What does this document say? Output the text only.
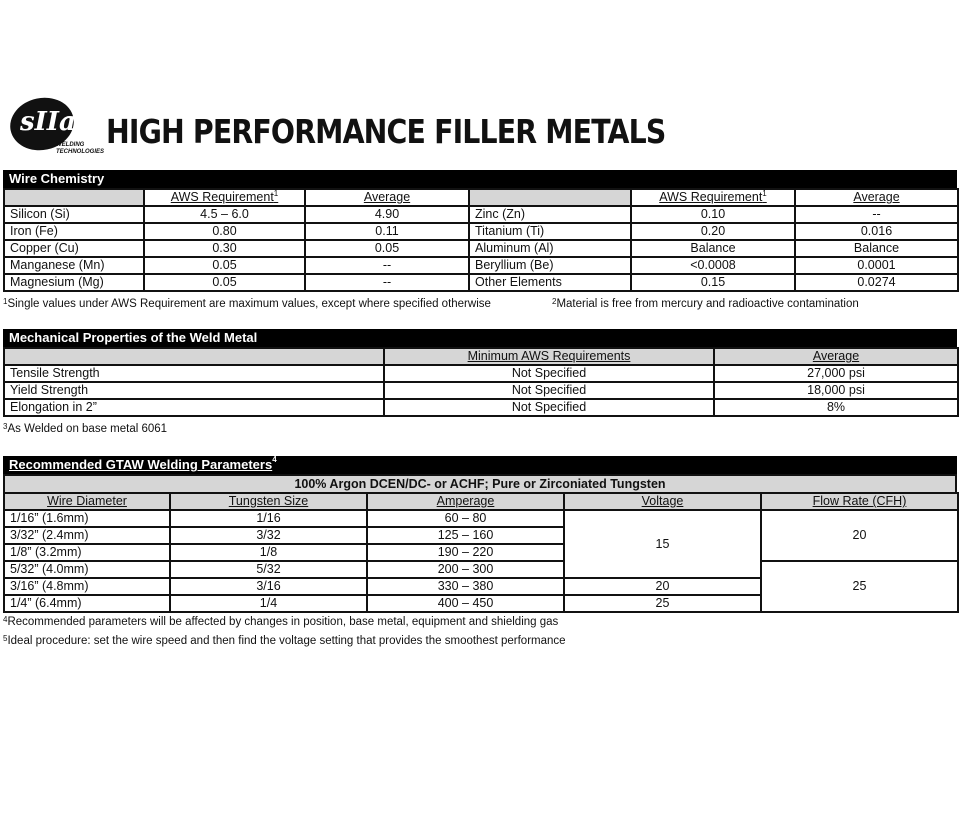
sIIa
WELDING TECHNOLOGIES
HIGH PERFORMANCE FILLER METALS
Wire Chemistry
	AWS Requirement$^1$	Average		AWS Requirement$^1$	Average
Silicon (Si)	4.5 – 6.0	4.90	Zinc (Zn)	0.10	--
Iron (Fe)	0.80	0.11	Titanium (Ti)	0.20	0.016
Copper (Cu)	0.30	0.05	Aluminum (Al)	Balance	Balance
Manganese (Mn)	0.05	--	Beryllium (Be)	<0.0008	0.0001
Magnesium (Mg)	0.05	--	Other Elements	0.15	0.0274
$^1$Single values under AWS Requirement are maximum values, except where specified otherwise	$^2$Material is free from mercury and radioactive contamination
Mechanical Properties of the Weld Metal
	Minimum AWS Requirements	Average
Tensile Strength	Not Specified	27,000 psi
Yield Strength	Not Specified	18,000 psi
Elongation in 2”	Not Specified	8%
$^3$As Welded on base metal 6061
Recommended GTAW Welding Parameters$^4$
100% Argon DCEN/DC- or ACHF; Pure or Zirconiated Tungsten
Wire Diameter	Tungsten Size	Amperage	Voltage	Flow Rate (CFH)
1/16” (1.6mm)	1/16	60 – 80	15	20
3/32” (2.4mm)	3/32	125 – 160		
1/8” (3.2mm)	1/8	190 – 220		
5/32” (4.0mm)	5/32	200 – 300		25
3/16” (4.8mm)	3/16	330 – 380	20	
1/4” (6.4mm)	1/4	400 – 450	25	
$^4$Recommended parameters will be affected by changes in position, base metal, equipment and shielding gas
$^5$Ideal procedure: set the wire speed and then find the voltage setting that provides the smoothest performance
